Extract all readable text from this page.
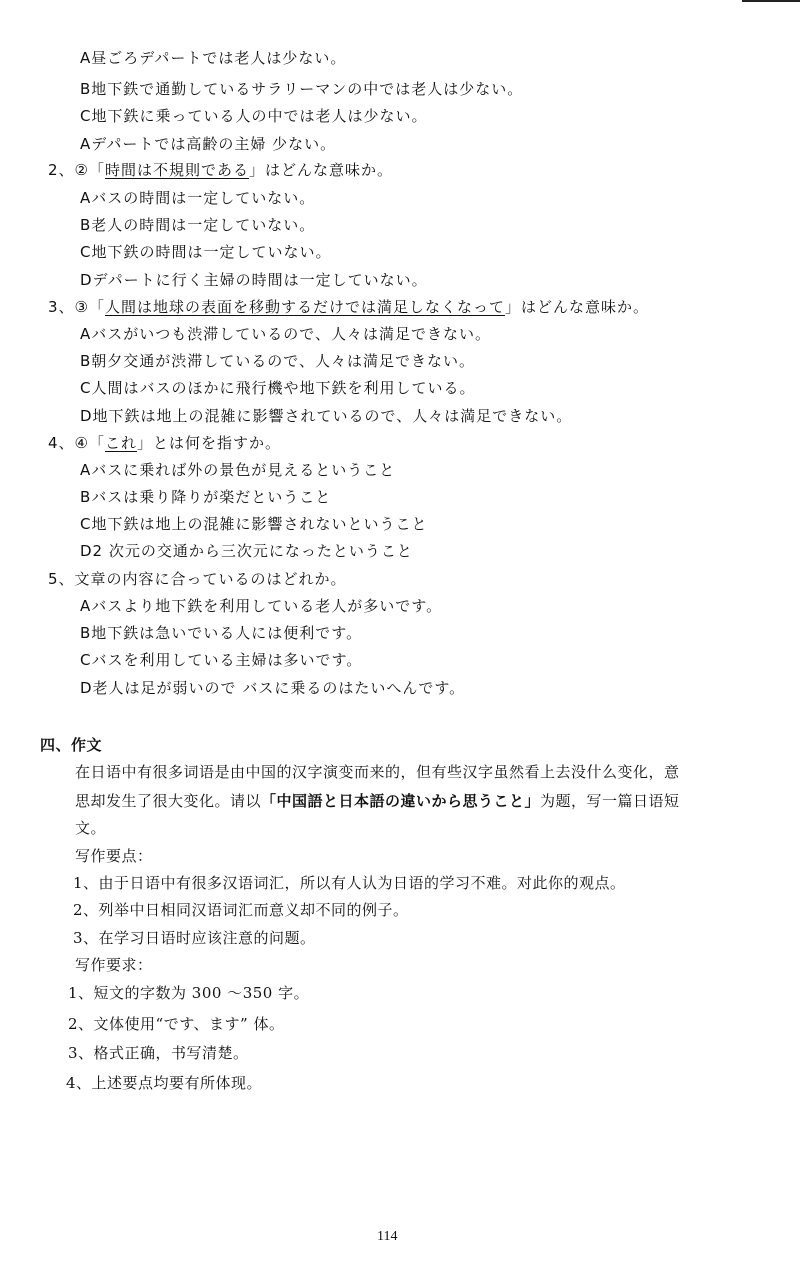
A昼ごろデパートでは老人は少ない。
B地下鉄で通勤しているサラリーマンの中では老人は少ない。
C地下鉄に乗っている人の中では老人は少ない。
Aデパートでは高齢の主婦 少ない。
2、②「時間は不規則である」はどんな意味か。
Aバスの時間は一定していない。
B老人の時間は一定していない。
C地下鉄の時間は一定していない。
Dデパートに行く主婦の時間は一定していない。
3、③「人間は地球の表面を移動するだけでは満足しなくなって」はどんな意味か。
Aバスがいつも渋滞しているので、人々は満足できない。
B朝夕交通が渋滞しているので、人々は満足できない。
C人間はバスのほかに飛行機や地下鉄を利用している。
D地下鉄は地上の混雑に影響されているので、人々は満足できない。
4、④「これ」とは何を指すか。
Aバスに乗れば外の景色が見えるということ
Bバスは乗り降りが楽だということ
C地下鉄は地上の混雑に影響されないということ
D2 次元の交通から三次元になったということ
5、文章の内容に合っているのはどれか。
Aバスより地下鉄を利用している老人が多いです。
B地下鉄は急いでいる人には便利です。
Cバスを利用している主婦は多いです。
D老人は足が弱いので バスに乗るのはたいへんです。
四、作文
在日语中有很多词语是由中国的汉字演变而来的，但有些汉字虽然看上去没什么变化，意
思却发生了很大变化。请以「中国語と日本語の違いから思うこと」为题，写一篇日语短
文。
写作要点：
1、由于日语中有很多汉语词汇，所以有人认为日语的学习不难。对此你的观点。
2、列举中日相同汉语词汇而意义却不同的例子。
3、在学习日语时应该注意的问题。
写作要求：
1、短文的字数为 300 ～350 字。
2、文体使用“です、ます” 体。
3、格式正确，书写清楚。
4、上述要点均要有所体现。
114
